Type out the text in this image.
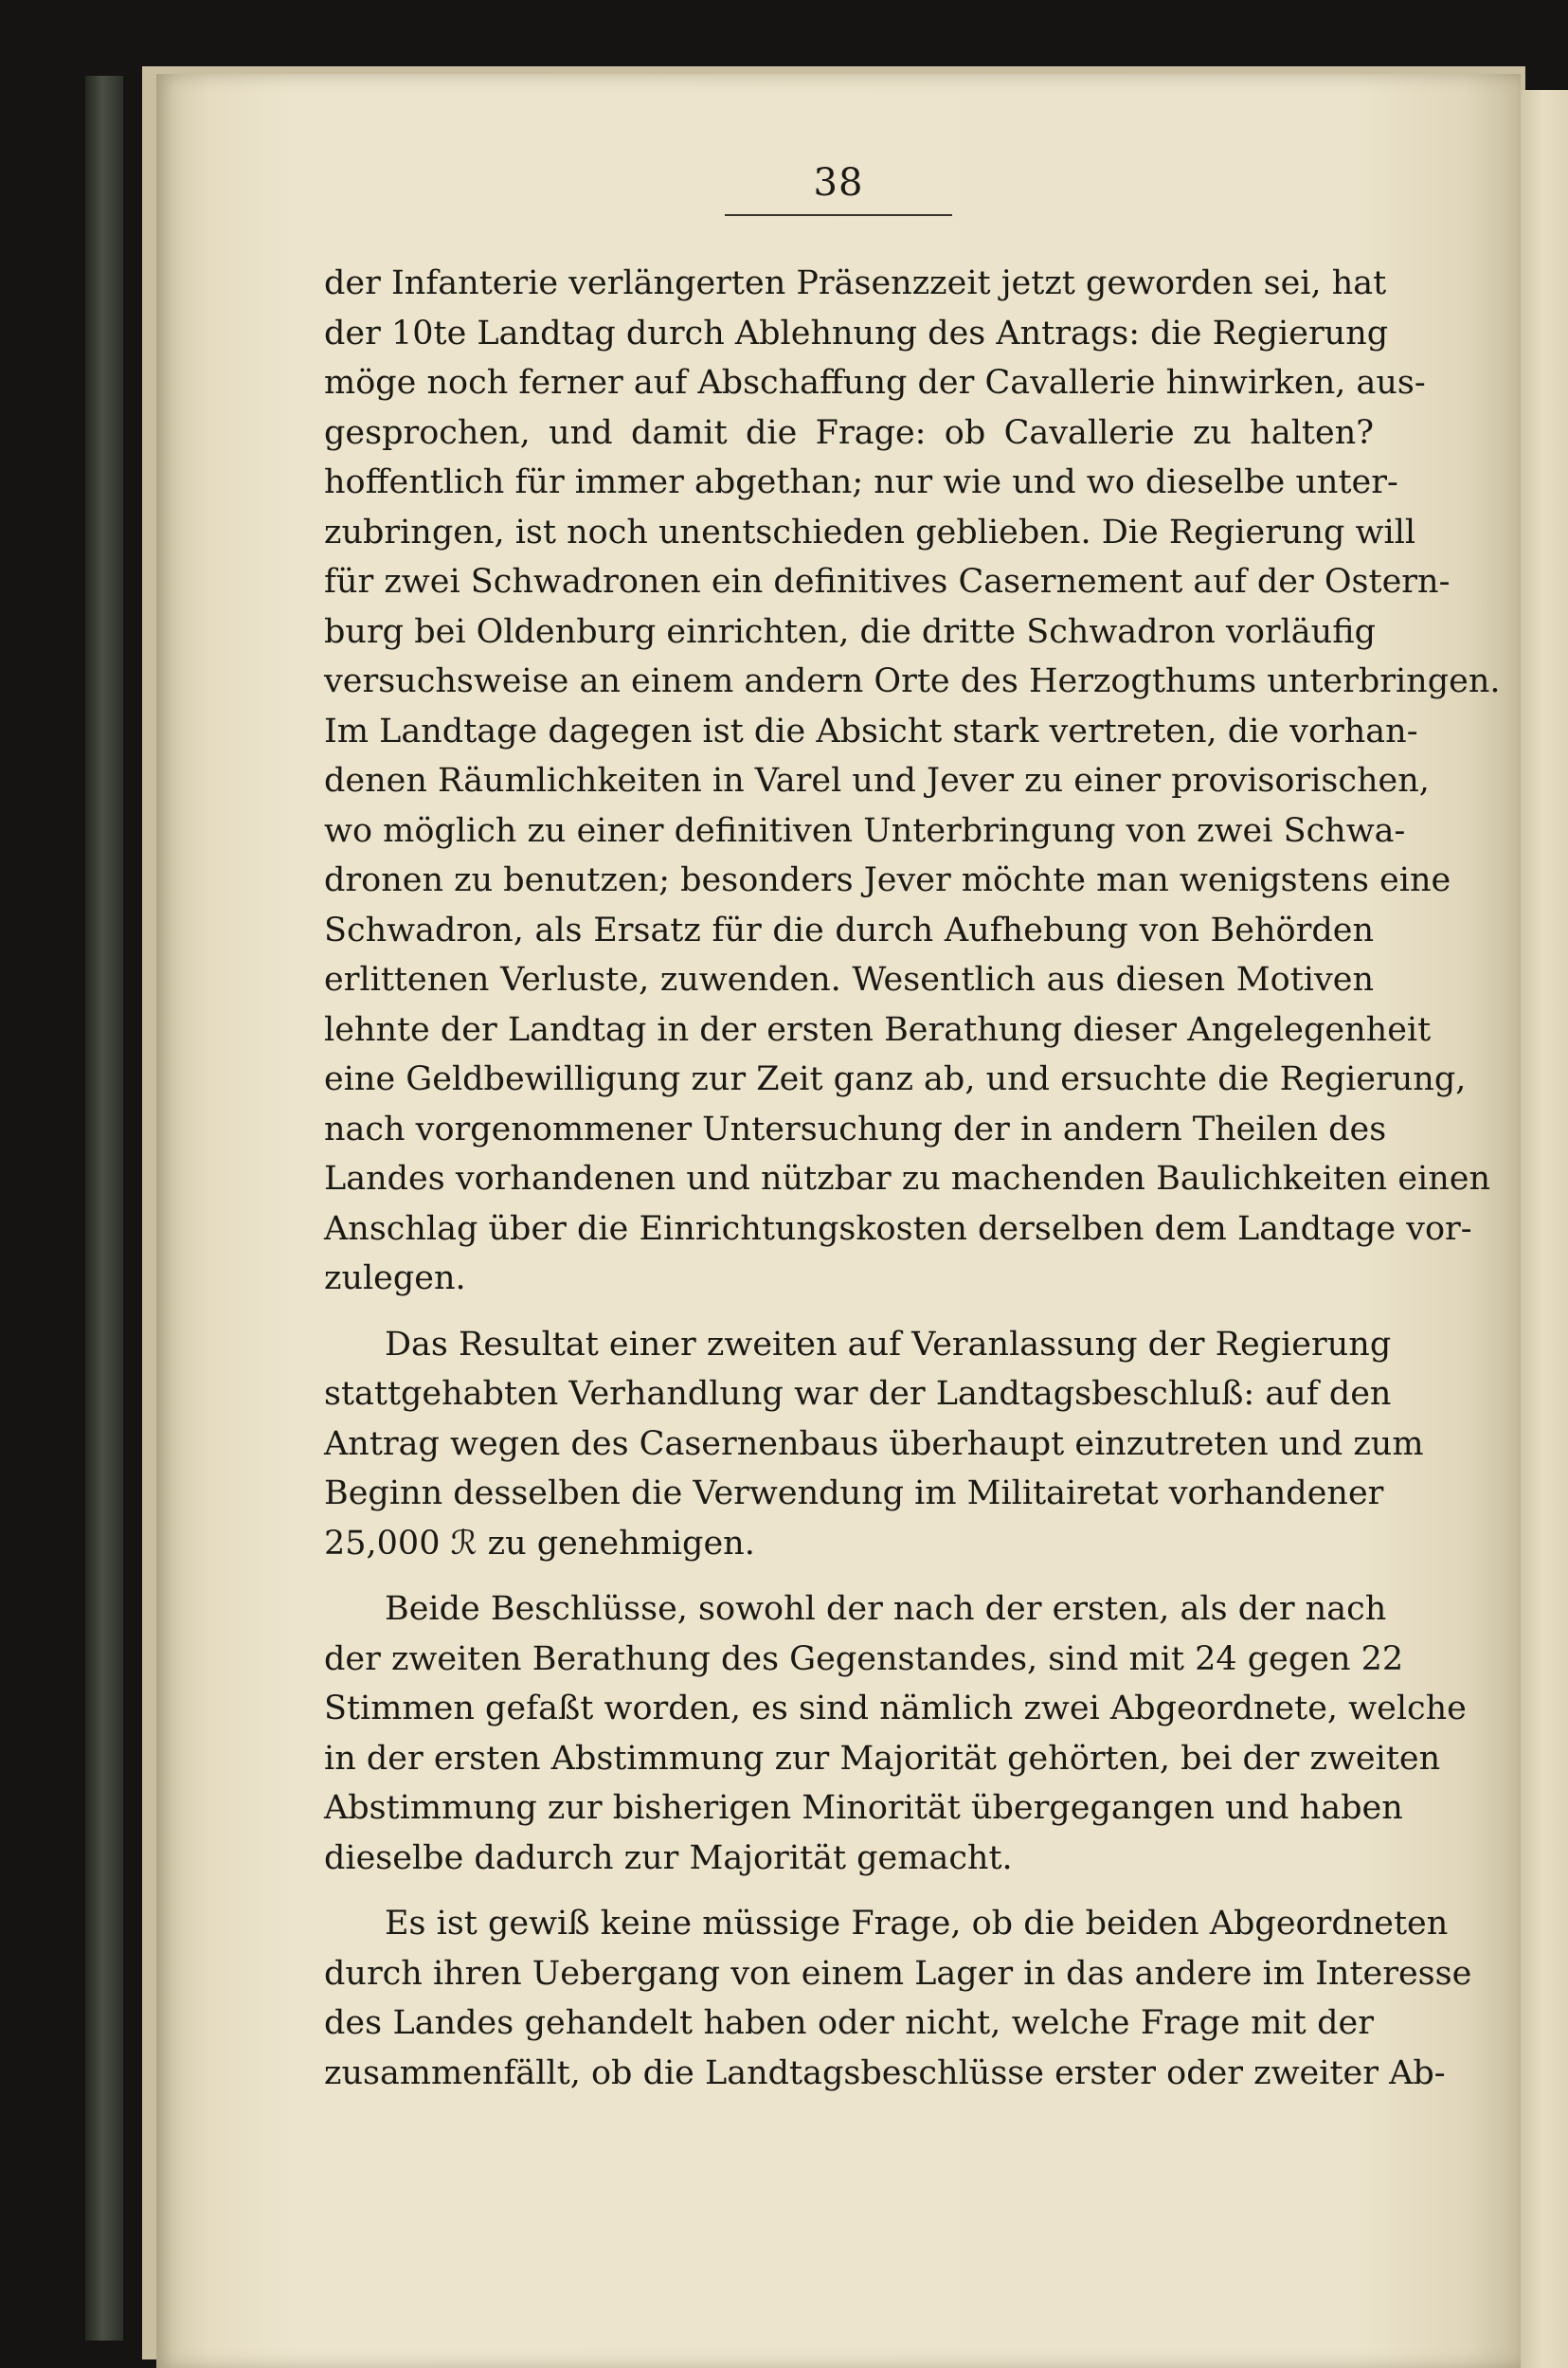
38

der Infanterie verlängerten Präsenzzeit jetzt geworden sei, hat
der 10te Landtag durch Ablehnung des Antrags: die Regierung
möge noch ferner auf Abschaffung der Cavallerie hinwirken, aus-
gesprochen, und damit die Frage: ob Cavallerie zu halten?
hoffentlich für immer abgethan; nur wie und wo dieselbe unter-
zubringen, ist noch unentschieden geblieben. Die Regierung will
für zwei Schwadronen ein definitives Casernement auf der Ostern-
burg bei Oldenburg einrichten, die dritte Schwadron vorläufig
versuchsweise an einem andern Orte des Herzogthums unterbringen.
Im Landtage dagegen ist die Absicht stark vertreten, die vorhan-
denen Räumlichkeiten in Varel und Jever zu einer provisorischen,
wo möglich zu einer definitiven Unterbringung von zwei Schwa-
dronen zu benutzen; besonders Jever möchte man wenigstens eine
Schwadron, als Ersatz für die durch Aufhebung von Behörden
erlittenen Verluste, zuwenden. Wesentlich aus diesen Motiven
lehnte der Landtag in der ersten Berathung dieser Angelegenheit
eine Geldbewilligung zur Zeit ganz ab, und ersuchte die Regierung,
nach vorgenommener Untersuchung der in andern Theilen des
Landes vorhandenen und nützbar zu machenden Baulichkeiten einen
Anschlag über die Einrichtungskosten derselben dem Landtage vor-
zulegen.

Das Resultat einer zweiten auf Veranlassung der Regierung
stattgehabten Verhandlung war der Landtagsbeschluß: auf den
Antrag wegen des Casernenbaus überhaupt einzutreten und zum
Beginn desselben die Verwendung im Militairetat vorhandener
25,000 ℛ zu genehmigen.

Beide Beschlüsse, sowohl der nach der ersten, als der nach
der zweiten Berathung des Gegenstandes, sind mit 24 gegen 22
Stimmen gefaßt worden, es sind nämlich zwei Abgeordnete, welche
in der ersten Abstimmung zur Majorität gehörten, bei der zweiten
Abstimmung zur bisherigen Minorität übergegangen und haben
dieselbe dadurch zur Majorität gemacht.

Es ist gewiß keine müssige Frage, ob die beiden Abgeordneten
durch ihren Uebergang von einem Lager in das andere im Interesse
des Landes gehandelt haben oder nicht, welche Frage mit der
zusammenfällt, ob die Landtagsbeschlüsse erster oder zweiter Ab-
